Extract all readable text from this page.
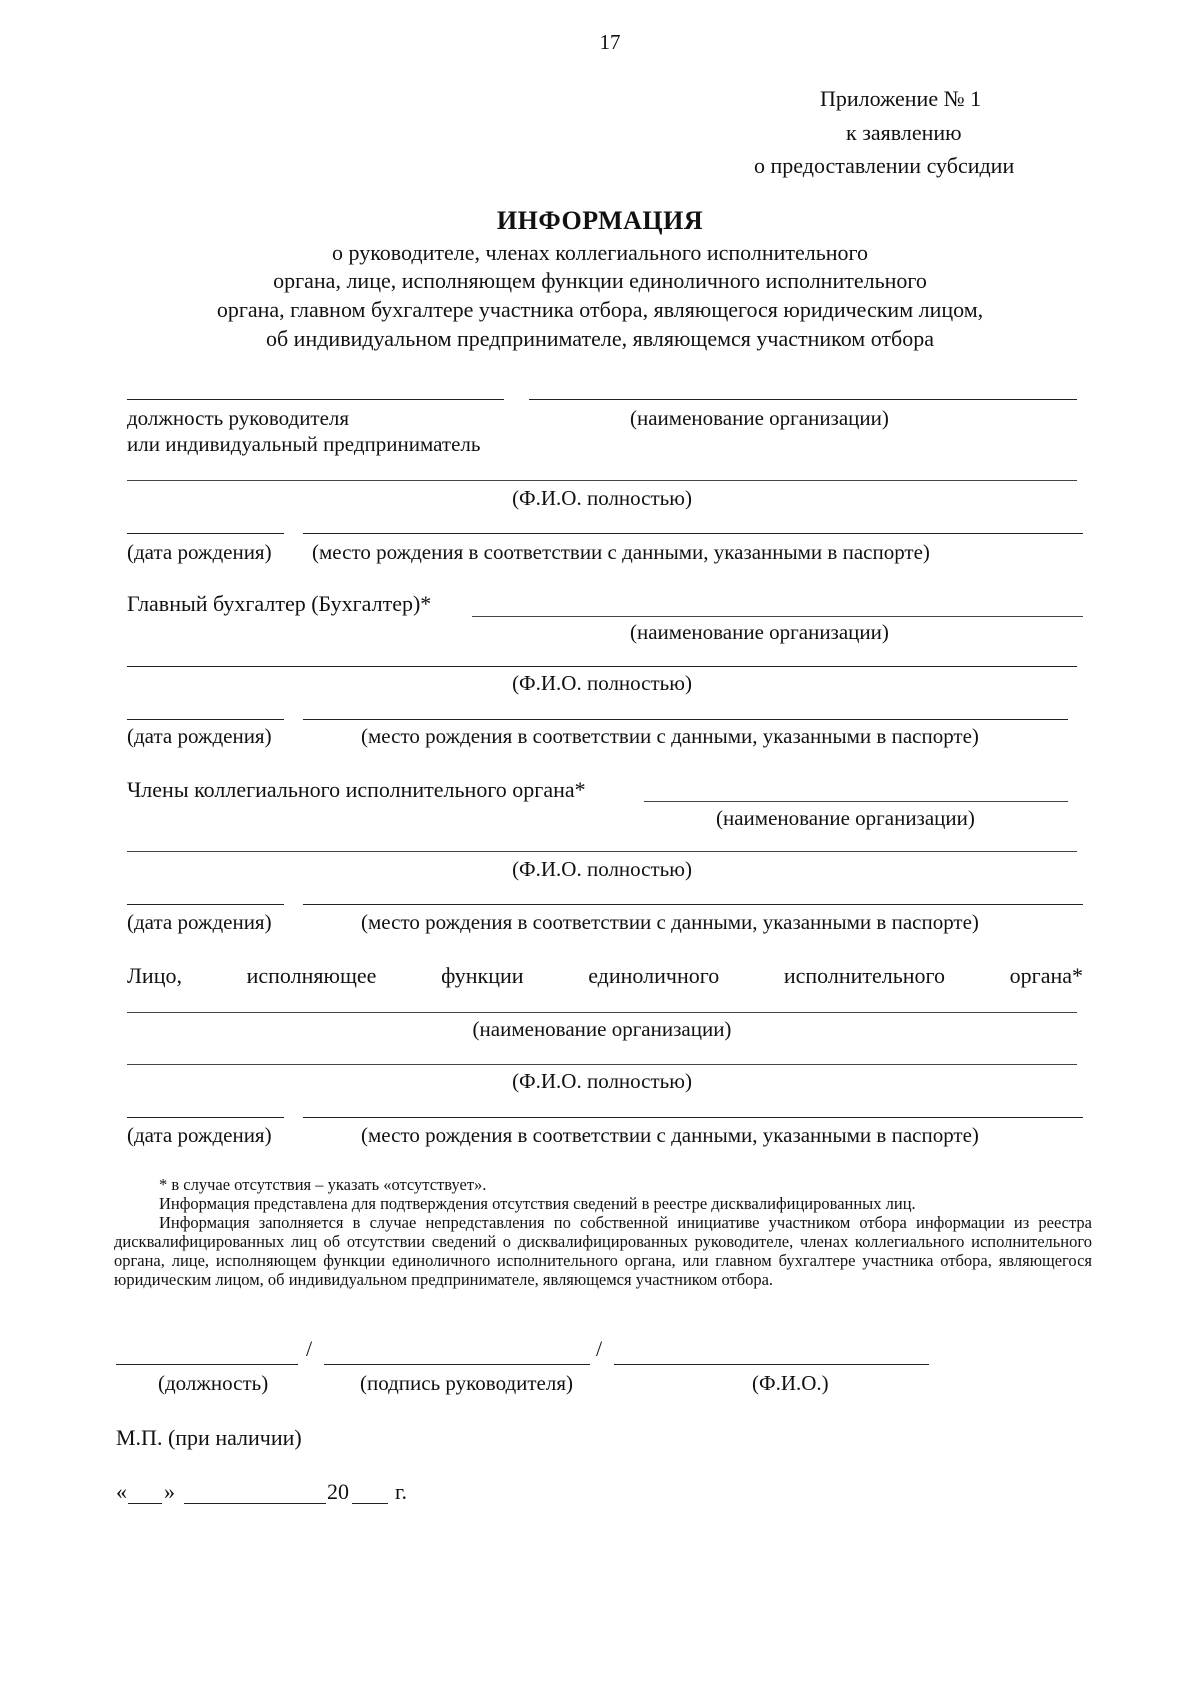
17
Приложение № 1
к заявлению
о предоставлении субсидии
ИНФОРМАЦИЯ
о руководителе, членах коллегиального исполнительного
органа, лице, исполняющем функции единоличного исполнительного
органа, главном бухгалтере участника отбора, являющегося юридическим лицом,
об индивидуальном предпринимателе, являющемся участником отбора
должность руководителя	(наименование организации)
или индивидуальный предприниматель
(Ф.И.О. полностью)
(дата рождения) (место рождения в соответствии с данными, указанными в паспорте)
Главный бухгалтер (Бухгалтер)*
(наименование организации)
(Ф.И.О. полностью)
(дата рождения)	(место рождения в соответствии с данными, указанными в паспорте)
Члены коллегиального исполнительного органа*
(наименование организации)
(Ф.И.О. полностью)
(дата рождения)	(место рождения в соответствии с данными, указанными в паспорте)
Лицо,	исполняющее	функции	единоличного	исполнительного	органа*
(наименование организации)
(Ф.И.О. полностью)
(дата рождения)	(место рождения в соответствии с данными, указанными в паспорте)

* в случае отсутствия – указать «отсутствует».

Информация представлена для подтверждения отсутствия сведений в реестре дисквалифицированных лиц.

Информация заполняется в случае непредставления по собственной инициативе участником отбора информации из реестра дисквалифицированных лиц об отсутствии сведений о дисквалифицированных руководителе, членах коллегиального исполнительного органа, лице, исполняющем функции единоличного исполнительного органа, или главном бухгалтере участника отбора, являющегося юридическим лицом, об индивидуальном предпринимателе, являющемся участником отбора.

/	/
(должность)	(подпись руководителя)	(Ф.И.О.)
М.П. (при наличии)
« »	20 г.
